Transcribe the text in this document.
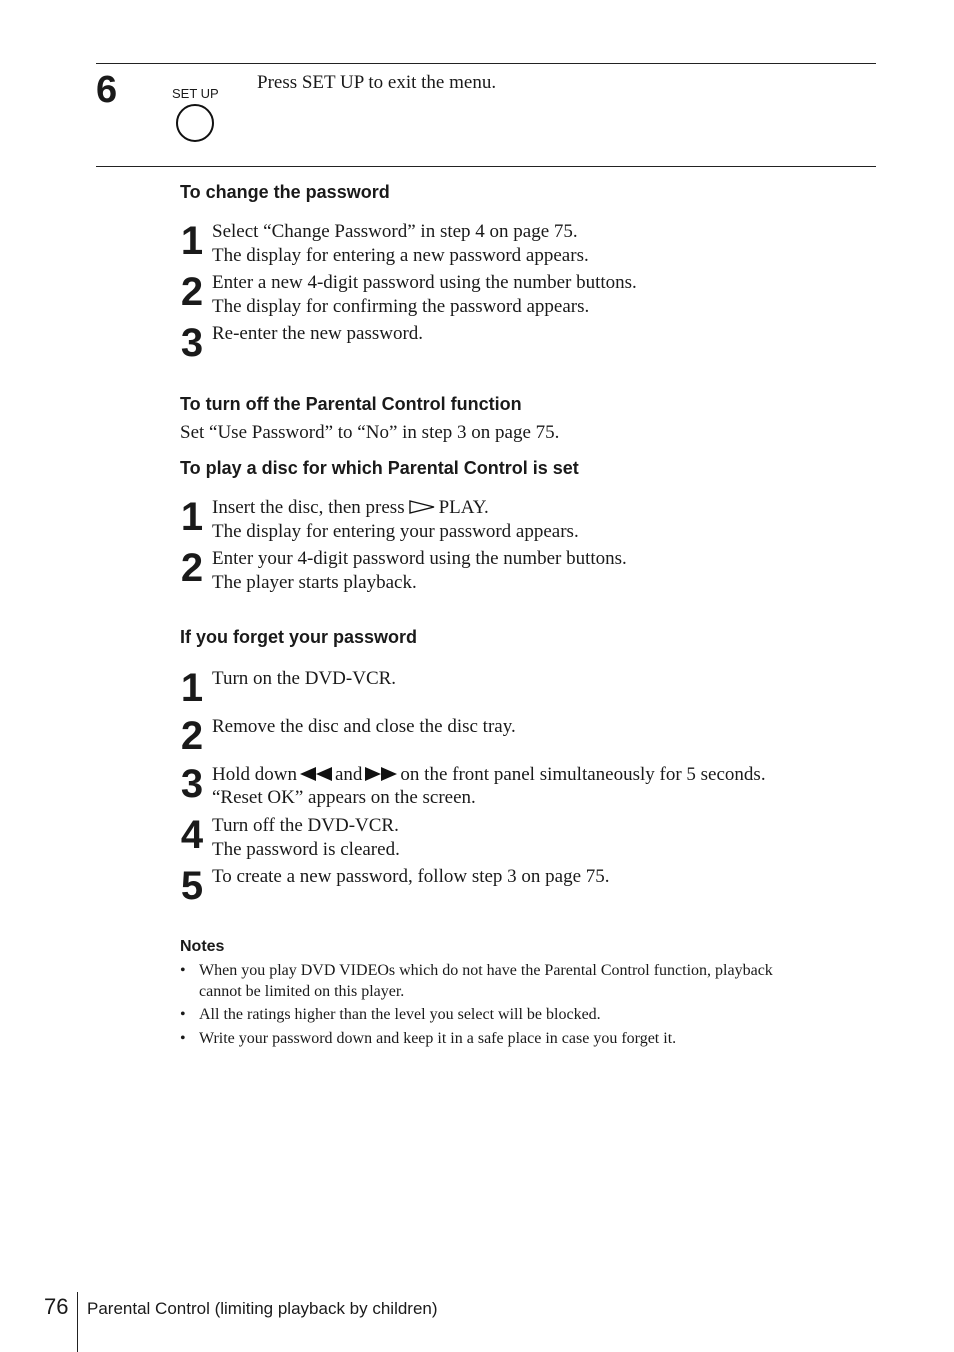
6	SET UP
Press SET UP to exit the menu.
To change the password
1 Select “Change Password” in step 4 on page 75.
The display for entering a new password appears.
2 Enter a new 4-digit password using the number buttons.
The display for confirming the password appears.
3 Re-enter the new password.
To turn off the Parental Control function
Set “Use Password” to “No” in step 3 on page 75.
To play a disc for which Parental Control is set
1 Insert the disc, then press PLAY.
The display for entering your password appears.
2 Enter your 4-digit password using the number buttons.
The player starts playback.
If you forget your password
1 Turn on the DVD-VCR.
2 Remove the disc and close the disc tray.
3 Hold down and on the front panel simultaneously for 5 seconds.
“Reset OK” appears on the screen.
4 Turn off the DVD-VCR.
The password is cleared.
5 To create a new password, follow step 3 on page 75.
Notes
• When you play DVD VIDEOs which do not have the Parental Control function, playback
cannot be limited on this player.
• All the ratings higher than the level you select will be blocked.
• Write your password down and keep it in a safe place in case you forget it.
76 Parental Control (limiting playback by children)
